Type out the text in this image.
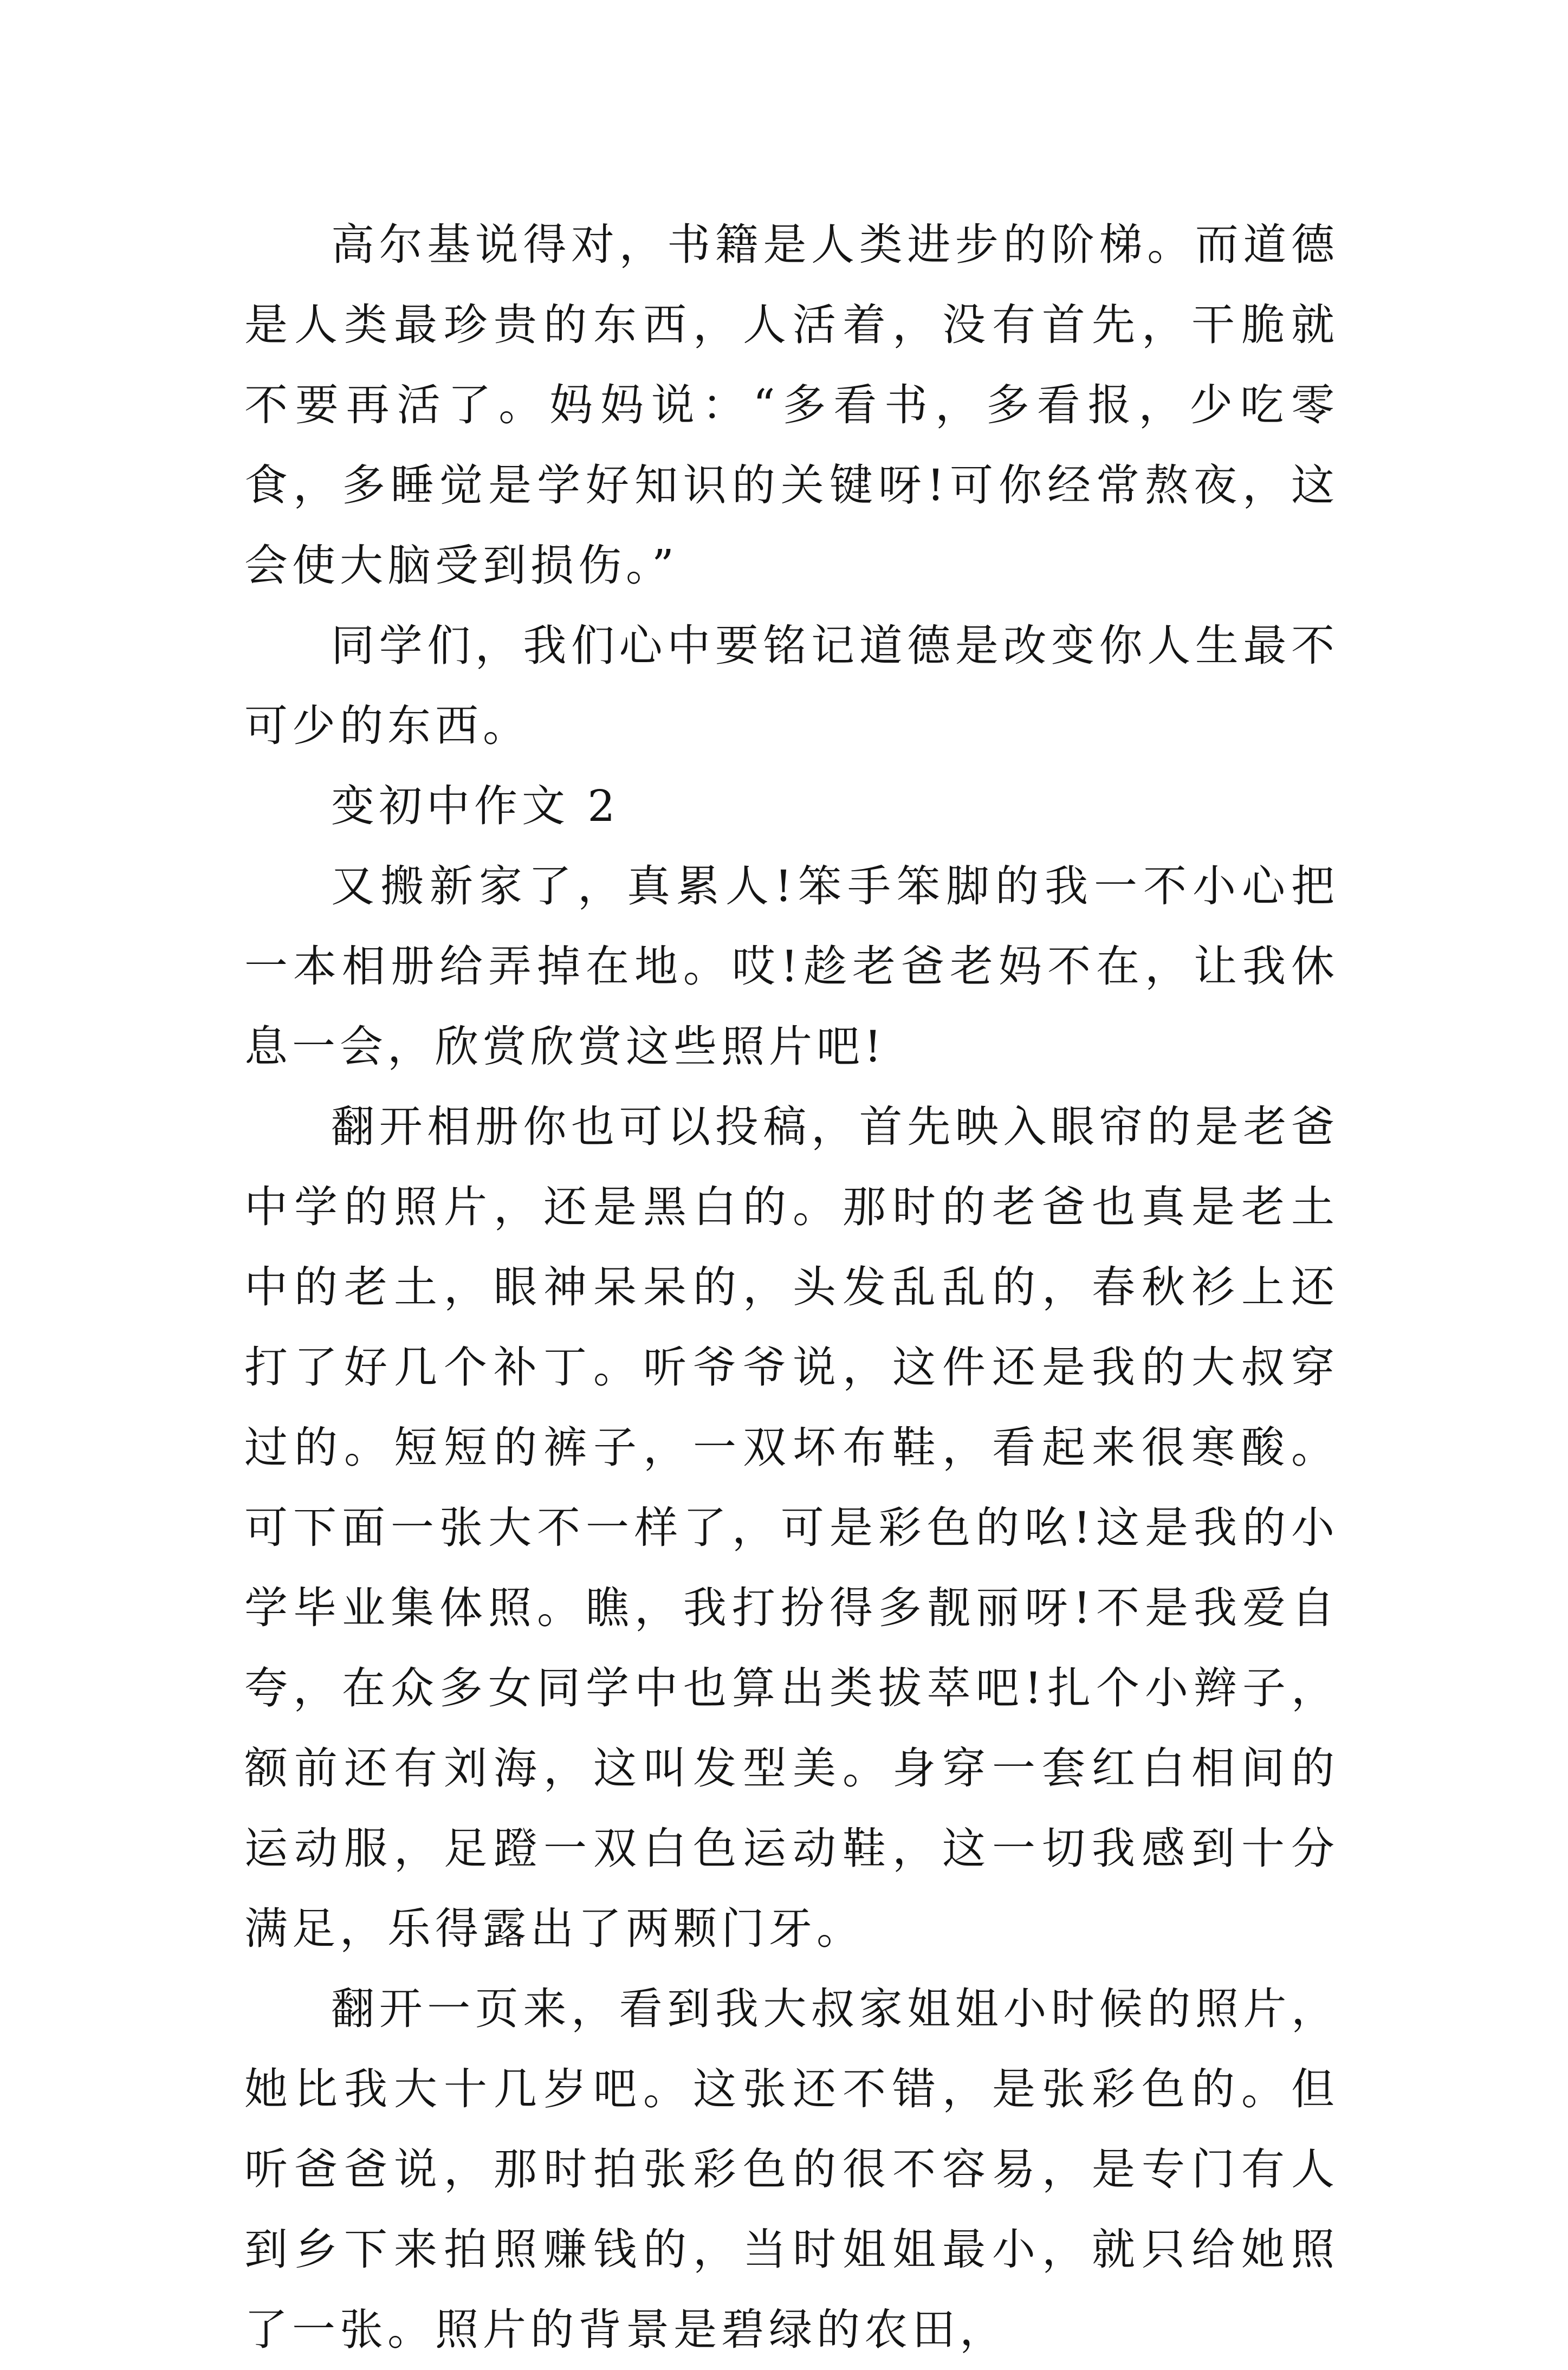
高尔基说得对，书籍是人类进步的阶梯。而道德是人类最珍贵的东西，人活着，没有首先，干脆就不要再活了。妈妈说：“多看书，多看报，少吃零食，多睡觉是学好知识的关键呀!可你经常熬夜，这会使大脑受到损伤。”

同学们，我们心中要铭记道德是改变你人生最不可少的东西。

变初中作文 2

又搬新家了，真累人!笨手笨脚的我一不小心把一本相册给弄掉在地。哎!趁老爸老妈不在，让我休息一会，欣赏欣赏这些照片吧!

翻开相册你也可以投稿，首先映入眼帘的是老爸中学的照片，还是黑白的。那时的老爸也真是老土中的老土，眼神呆呆的，头发乱乱的，春秋衫上还打了好几个补丁。听爷爷说，这件还是我的大叔穿过的。短短的裤子，一双坏布鞋，看起来很寒酸。可下面一张大不一样了，可是彩色的吆!这是我的小学毕业集体照。瞧，我打扮得多靓丽呀!不是我爱自夸，在众多女同学中也算出类拔萃吧!扎个小辫子，额前还有刘海，这叫发型美。身穿一套红白相间的运动服，足蹬一双白色运动鞋，这一切我感到十分满足，乐得露出了两颗门牙。

翻开一页来，看到我大叔家姐姐小时候的照片，她比我大十几岁吧。这张还不错，是张彩色的。但听爸爸说，那时拍张彩色的很不容易，是专门有人到乡下来拍照赚钱的，当时姐姐最小，就只给她照了一张。照片的背景是碧绿的农田，
